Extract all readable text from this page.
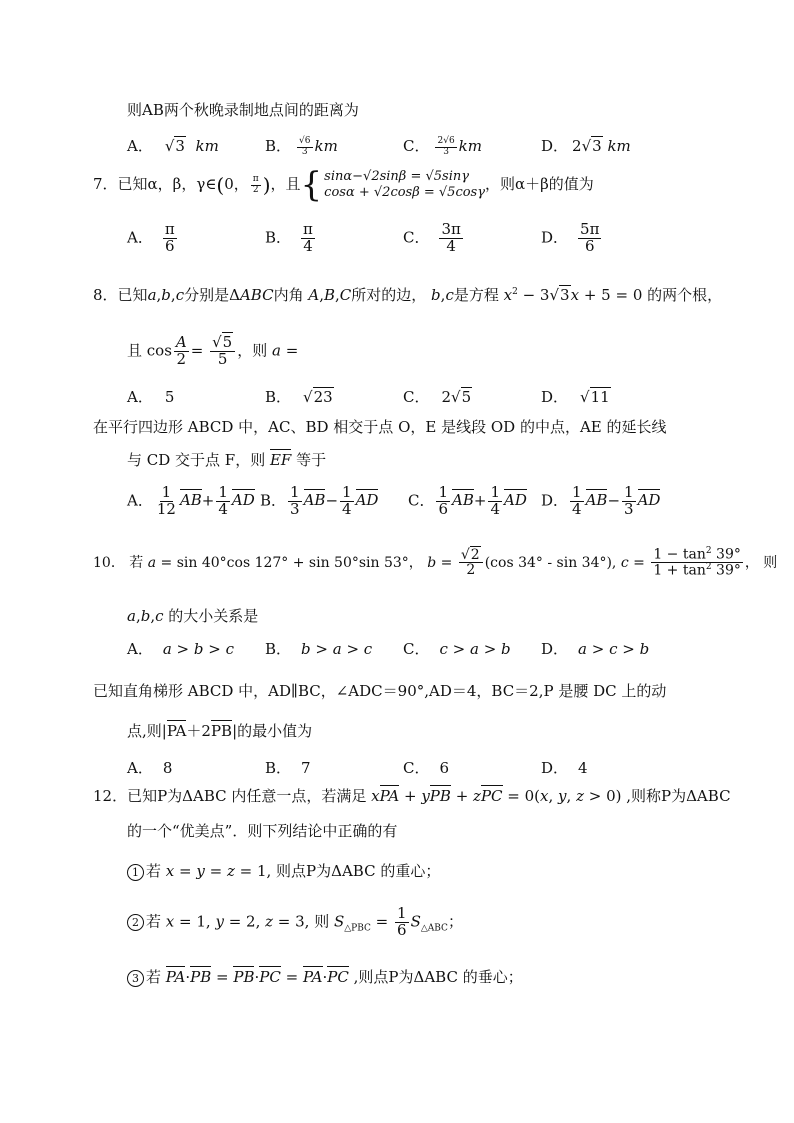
则AB两个秋晚录制地点间的距离为
A． √3 km	B． $\frac{√6}{3}$ km	C． $\frac{2√6}{3}$ km	D． 2√3 km
7．已知α，β，γ∈(0， $\frac{\pi}{2}$ )，且{ sinα−√2sinβ = √5sinγ
cosα + √2cosβ = √5cosγ ，则α＋β的值为
A． $\frac{\pi}{6}$	B． $\frac{\pi}{4}$	C． $\frac{3\pi}{4}$	D． $\frac{5\pi}{6}$
8．已知a,b,c分别是ΔABC内角 A,B,C所对的边， b,c是方程 $x^2 - 3√3x + 5 = 0$ 的两个根，
且 $\cos \frac{A}{2} = \frac{√5}{5}$ ，则 a =
A． 5	B． √23	C． 2√5	D． √11
在平行四边形 ABCD 中，AC、BD 相交于点 O，E 是线段 OD 的中点，AE 的延长线
与 CD 交于点 F，则 EF 等于
A． $\frac{1}{12} AB+ \frac{1}{4}$ AD B． $\frac{1}{3} AB- \frac{1}{4}$ AD C． $\frac{1}{6} AB+ \frac{1}{4}$ AD D． $\frac{1}{4} AB- \frac{1}{3}$ AD
10． 若 a = sin 40°cos 127° + sin 50°sin 53°， $b = \frac{√2}{2} (\cos$ 34° - sin 34°), $c = \frac{1 - \tan^2 39^\circ}{1 + \tan^2 39^\circ}$ ， 则
a,b,c 的大小关系是
A． a > b > c B． b > a > c C． c > a > b D． a > c > b
已知直角梯形 ABCD 中，AD∥BC，∠ADC＝90°,AD＝4，BC＝2,P 是腰 DC 上的动
点,则|PA＋2PB|的最小值为
A． 8	B． 7	C． 6	D． 4
12．已知P为ΔABC 内任意一点，若满足 xPA + yPB + zPC = 0(x, y, z > 0) ,则称P为ΔABC
的一个“优美点”．则下列结论中正确的有
1 若 x = y = z = 1, 则点P为ΔABC 的重心；
2 若 x = 1, y = 2, z = 3, 则 $S_{\triangle PBC} = \frac{1}{6} S_{\triangle ABC}$；
3 若 PA·PB = PB·PC = PA·PC ,则点P为ΔABC 的垂心；
